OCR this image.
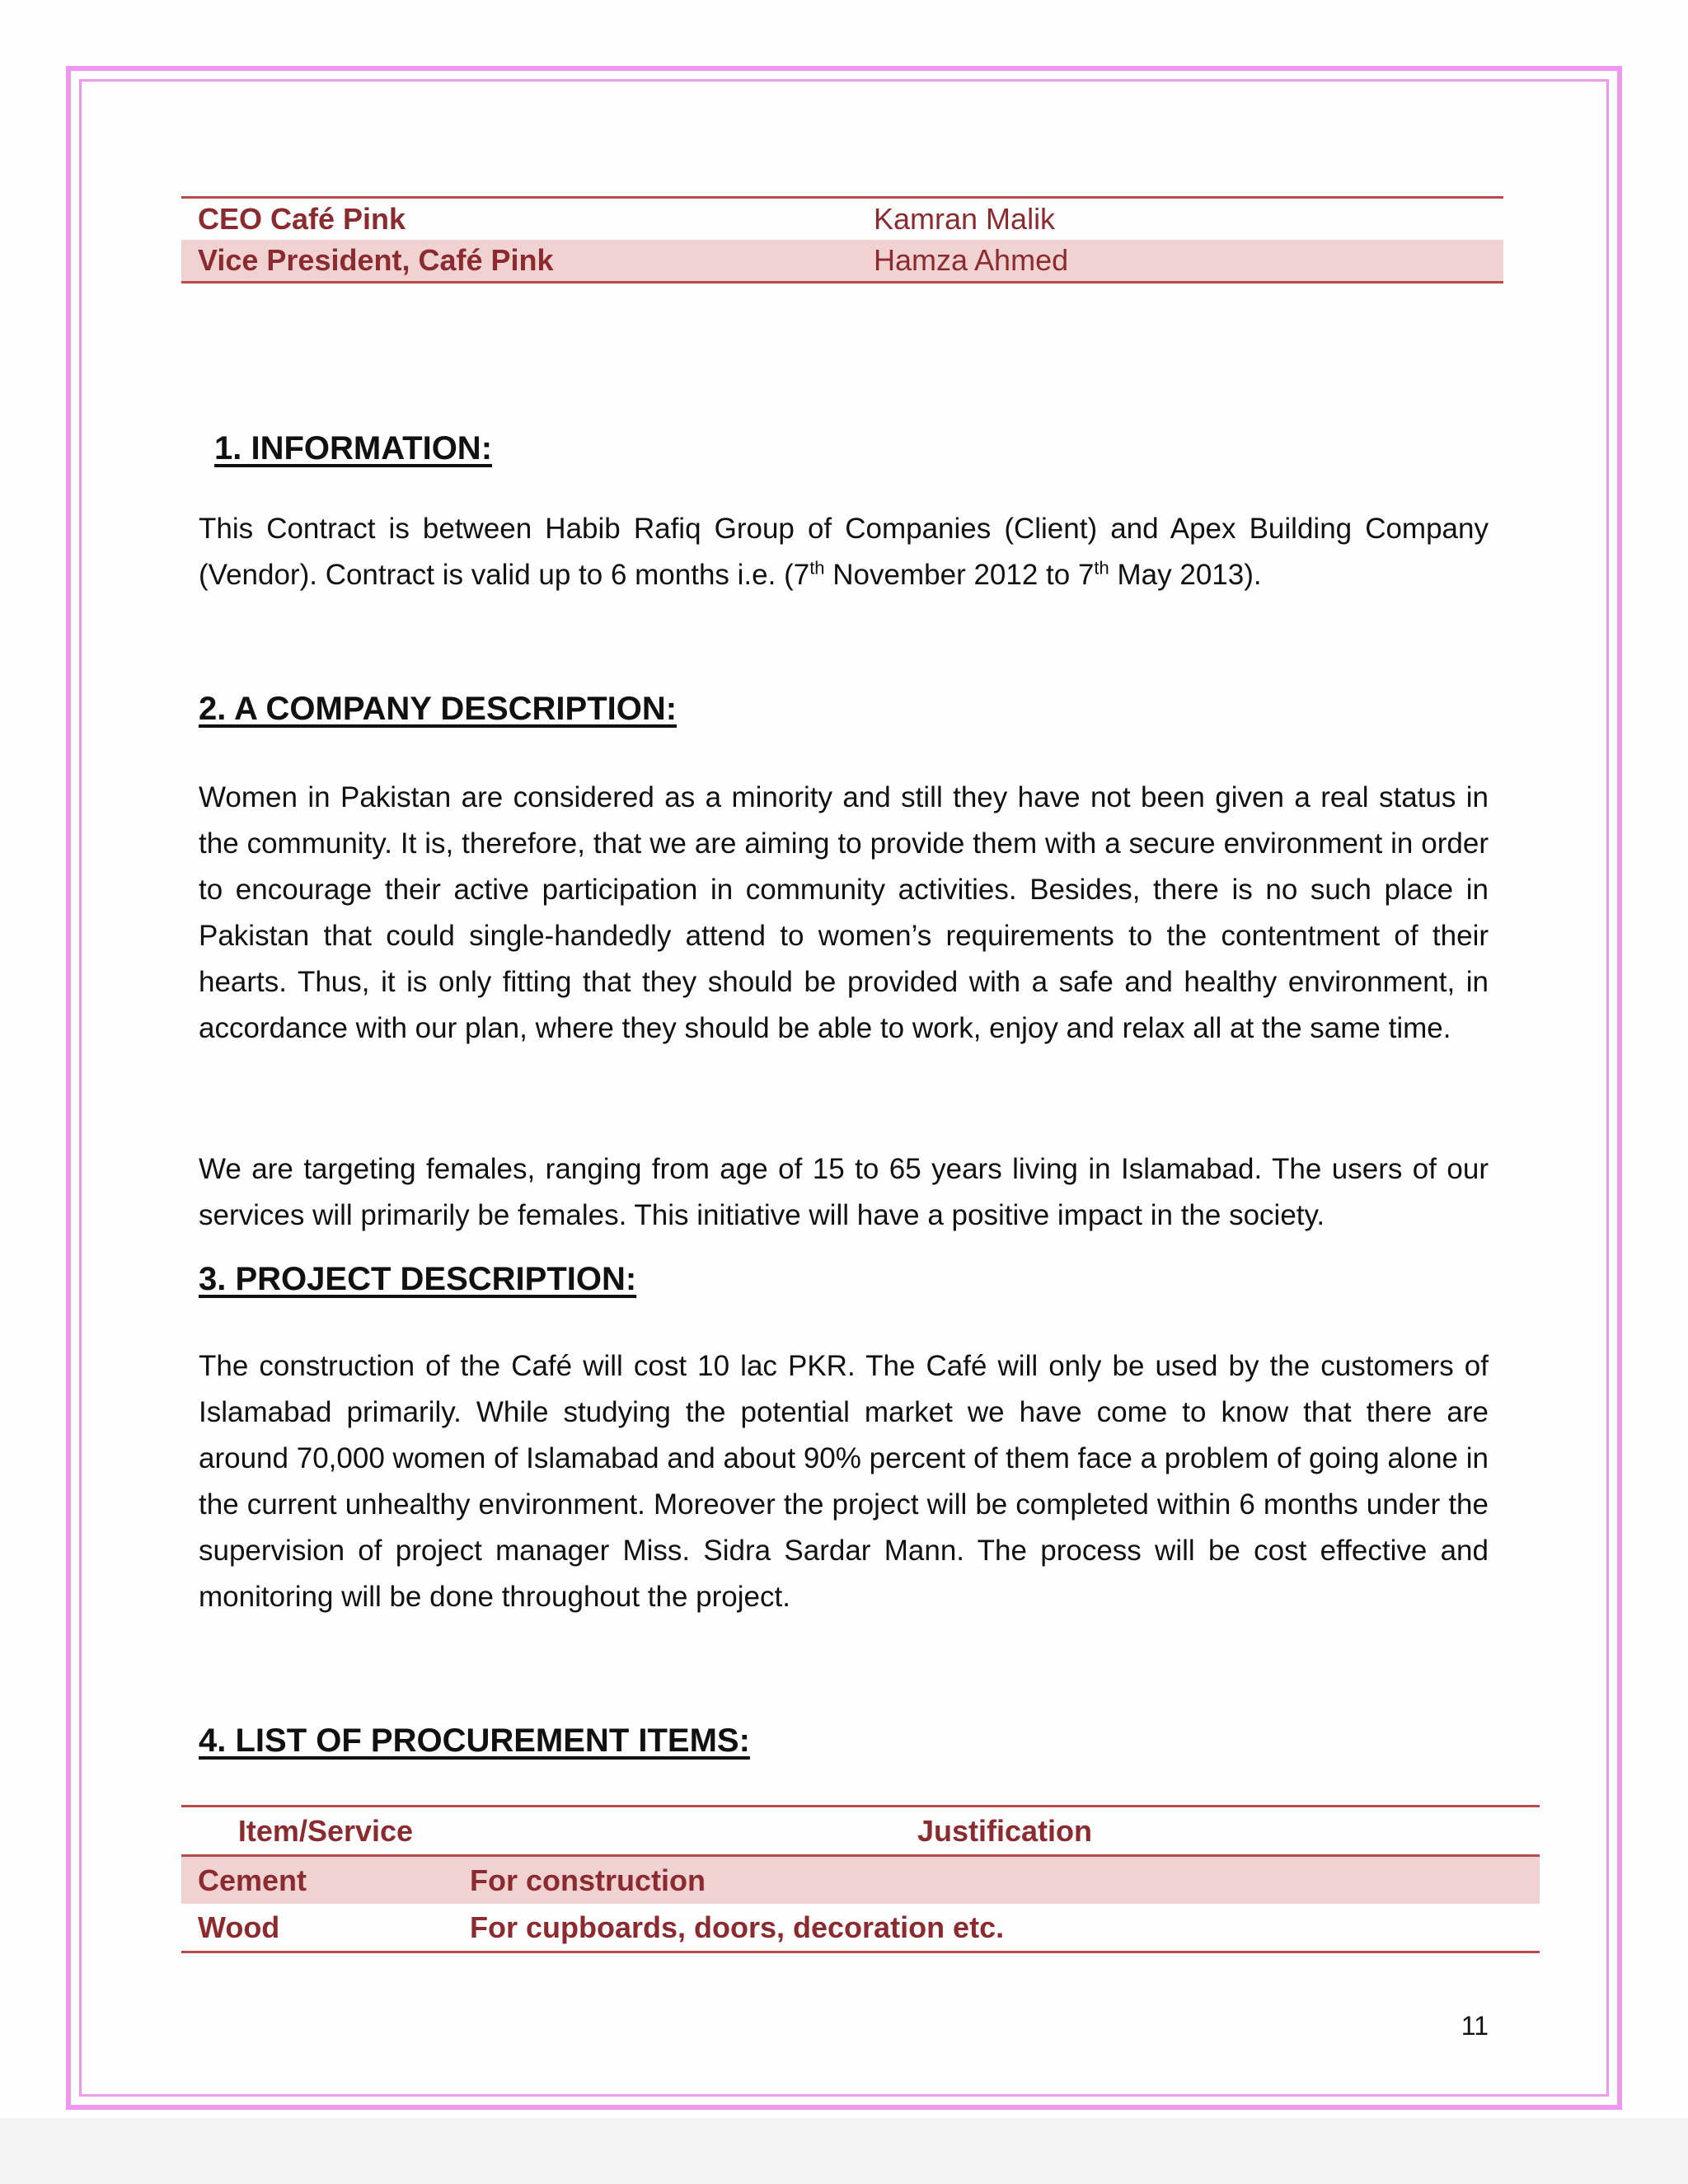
CEO Café Pink	Kamran Malik
Vice President, Café Pink	Hamza Ahmed
1. INFORMATION:

This Contract is between Habib Rafiq Group of Companies (Client) and Apex Building Company (Vendor). Contract is valid up to 6 months i.e. (7th November 2012 to 7th May 2013).

2. A COMPANY DESCRIPTION:

Women in Pakistan are considered as a minority and still they have not been given a real status in the community. It is, therefore, that we are aiming to provide them with a secure environment in order to encourage their active participation in community activities. Besides, there is no such place in Pakistan that could single-handedly attend to women’s requirements to the contentment of their hearts. Thus, it is only fitting that they should be provided with a safe and healthy environment, in accordance with our plan, where they should be able to work, enjoy and relax all at the same time.

We are targeting females, ranging from age of 15 to 65 years living in Islamabad. The users of our services will primarily be females. This initiative will have a positive impact in the society.

3. PROJECT DESCRIPTION:

The construction of the Café will cost 10 lac PKR. The Café will only be used by the customers of Islamabad primarily. While studying the potential market we have come to know that there are around 70,000 women of Islamabad and about 90% percent of them face a problem of going alone in the current unhealthy environment. Moreover the project will be completed within 6 months under the supervision of project manager Miss. Sidra Sardar Mann. The process will be cost effective and monitoring will be done throughout the project.

4. LIST OF PROCUREMENT ITEMS:
Item/Service	Justification
Cement	For construction
Wood	For cupboards, doors, decoration etc.
11
